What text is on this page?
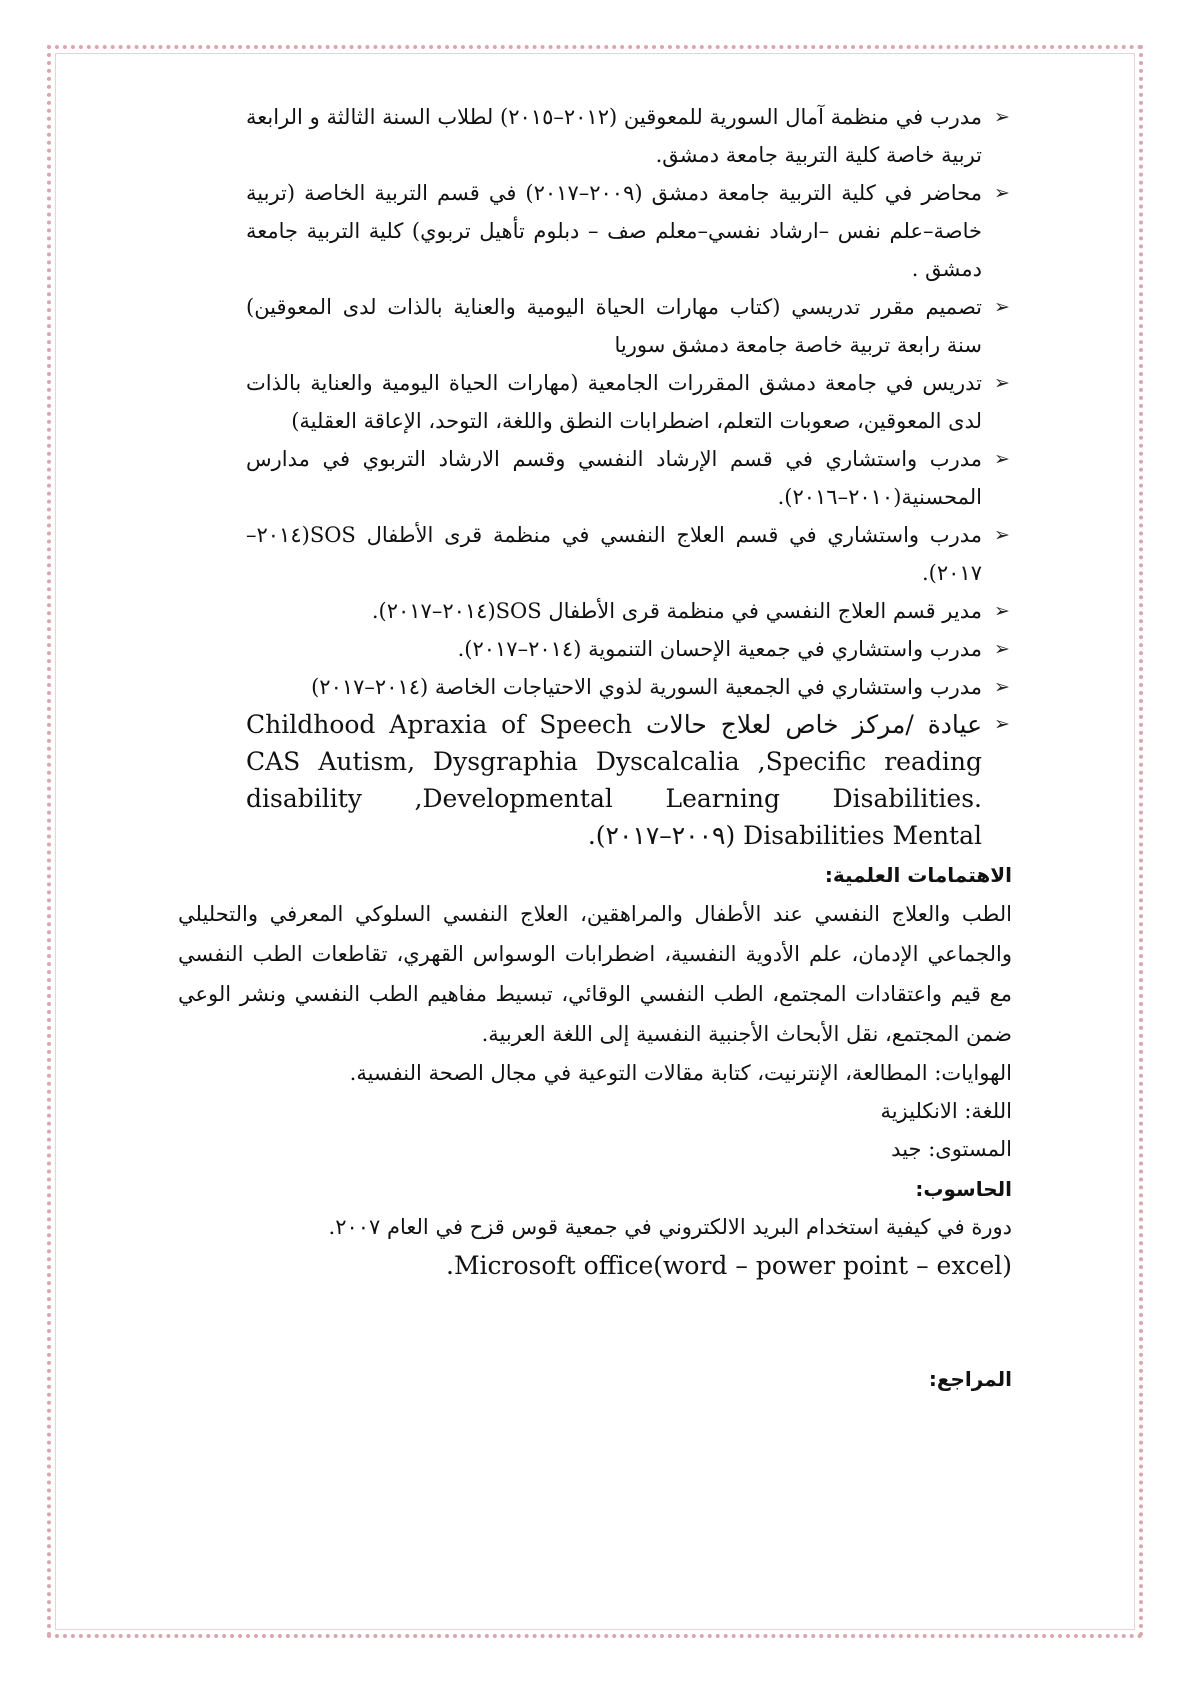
➢
مدرب في منظمة آمال السورية للمعوقين (٢٠١٢–٢٠١٥) لطلاب السنة الثالثة و الرابعة تربية خاصة كلية التربية جامعة دمشق.
➢
محاضر في كلية التربية جامعة دمشق (٢٠٠٩–٢٠١٧) في قسم التربية الخاصة (تربية خاصة–علم نفس –ارشاد نفسي–معلم صف – دبلوم تأهيل تربوي) كلية التربية جامعة دمشق .
➢
تصميم مقرر تدريسي (كتاب مهارات الحياة اليومية والعناية بالذات لدى المعوقين) سنة رابعة تربية خاصة جامعة دمشق سوريا
➢
تدريس في جامعة دمشق المقررات الجامعية (مهارات الحياة اليومية والعناية بالذات لدى المعوقين، صعوبات التعلم، اضطرابات النطق واللغة، التوحد، الإعاقة العقلية)
➢
مدرب واستشاري في قسم الإرشاد النفسي وقسم الارشاد التربوي في مدارس المحسنية(٢٠١٠–٢٠١٦).
➢
مدرب واستشاري في قسم العلاج النفسي في منظمة قرى الأطفال SOS(٢٠١٤–٢٠١٧).
➢
مدير قسم العلاج النفسي في منظمة قرى الأطفال SOS(٢٠١٤–٢٠١٧).
➢
مدرب واستشاري في جمعية الإحسان التنموية (٢٠١٤–٢٠١٧).
➢
مدرب واستشاري في الجمعية السورية لذوي الاحتياجات الخاصة (٢٠١٤–٢٠١٧)
➢
عيادة /مركز خاص لعلاج حالات Childhood Apraxia of Speech CAS Autism, Dysgraphia Dyscalcalia ,Specific reading disability ,Developmental Learning Disabilities. Disabilities Mental (٢٠٠٩–٢٠١٧).
الاهتمامات العلمية:

الطب والعلاج النفسي عند الأطفال والمراهقين، العلاج النفسي السلوكي المعرفي والتحليلي والجماعي الإدمان، علم الأدوية النفسية، اضطرابات الوسواس القهري، تقاطعات الطب النفسي مع قيم واعتقادات المجتمع، الطب النفسي الوقائي، تبسيط مفاهيم الطب النفسي ونشر الوعي ضمن المجتمع، نقل الأبحاث الأجنبية النفسية إلى اللغة العربية.

الهوايات: المطالعة، الإنترنيت، كتابة مقالات التوعية في مجال الصحة النفسية.

اللغة: الانكليزية

المستوى: جيد

الحاسوب:

دورة في كيفية استخدام البريد الالكتروني في جمعية قوس قزح في العام ٢٠٠٧.

Microsoft office(word – power point – excel).

المراجع:
